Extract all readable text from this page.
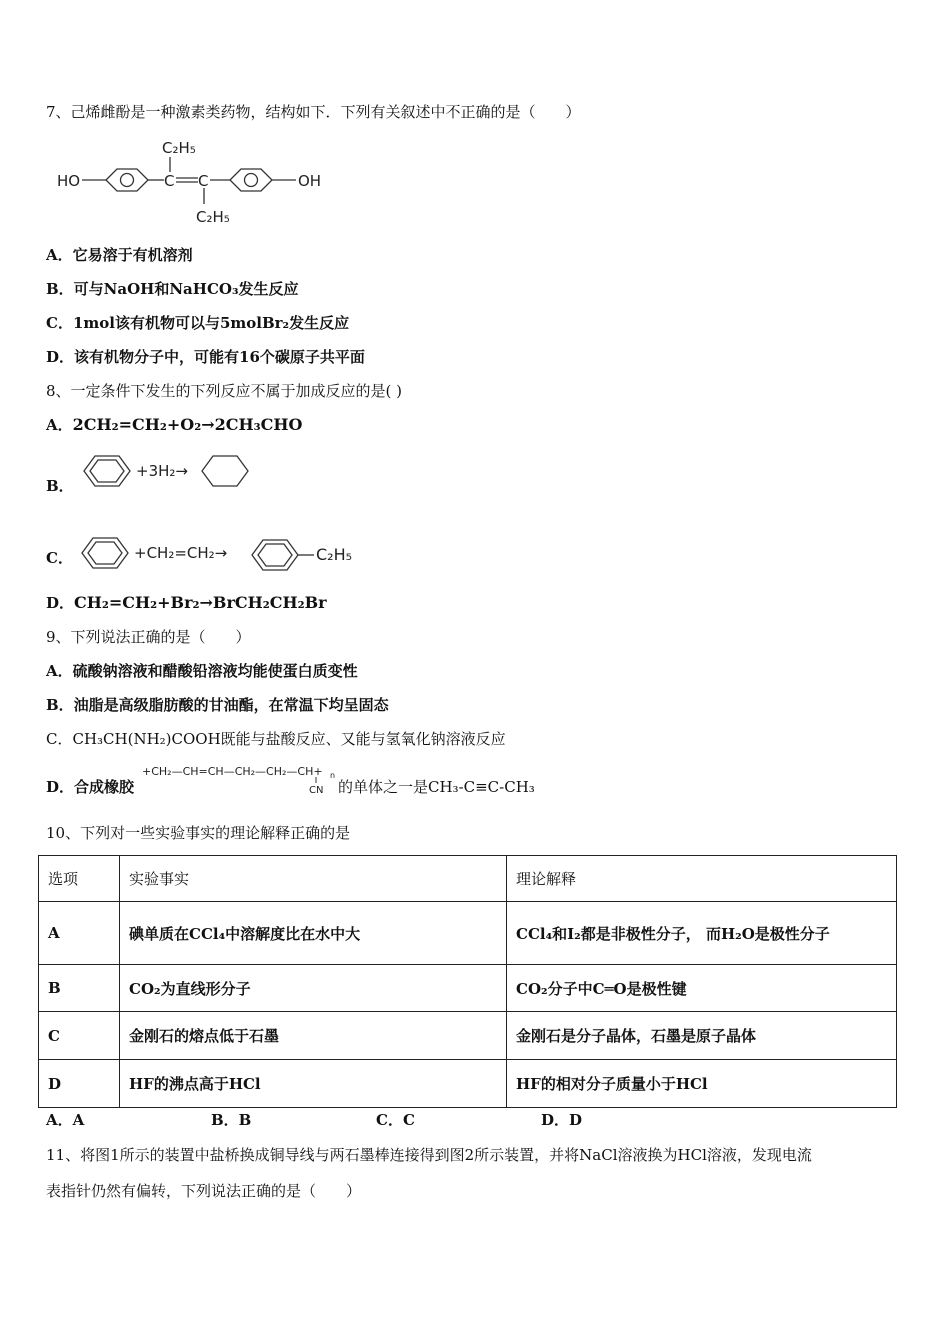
7、己烯雌酚是一种激素类药物，结构如下．下列有关叙述中不正确的是（　　）
HO	C C
C₂H₅
C₂H₅
OH
A．它易溶于有机溶剂
B．可与NaOH和NaHCO₃发生反应
C．1mol该有机物可以与5molBr₂发生反应
D．该有机物分子中，可能有16个碳原子共平面
8、一定条件下发生的下列反应不属于加成反应的是( )
A．2CH₂=CH₂+O₂→2CH₃CHO
B．
+3H₂→
C．	+CH₂=CH₂→	C₂H₅
D．CH₂=CH₂+Br₂→BrCH₂CH₂Br
9、下列说法正确的是（　　）
A．硫酸钠溶液和醋酸铅溶液均能使蛋白质变性
B．油脂是高级脂肪酸的甘油酯，在常温下均呈固态
C．CH₃CH(NH₂)COOH既能与盐酸反应、又能与氢氧化钠溶液反应
D．合成橡胶
+CH₂—CH=CH—CH₂—CH₂—CH+ n
CN 的单体之一是CH₃-C≡C-CH₃
10、下列对一些实验事实的理论解释正确的是
选项	实验事实	理论解释
A	碘单质在CCl₄中溶解度比在水中大	CCl₄和I₂都是非极性分子， 而H₂O是极性分子
B	CO₂为直线形分子	CO₂分子中C═O是极性键
C	金刚石的熔点低于石墨	金刚石是分子晶体，石墨是原子晶体
D	HF的沸点高于HCl	HF的相对分子质量小于HCl
A．A	B．B	C．C	D．D
11、将图1所示的装置中盐桥换成铜导线与两石墨棒连接得到图2所示装置，并将NaCl溶液换为HCl溶液，发现电流
表指针仍然有偏转，下列说法正确的是（　　）
